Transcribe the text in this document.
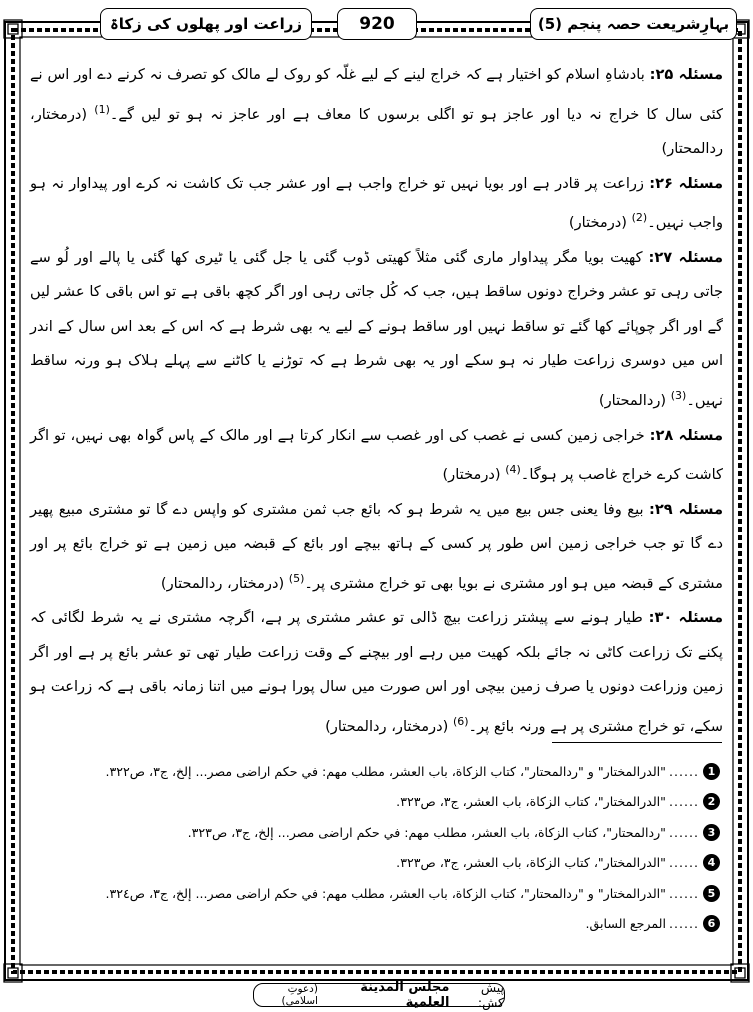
زراعت اور پھلوں کی زکاۃ	920	بہارِشریعت حصہ پنجم (5)

مسئلہ ۲۵: بادشاہِ اسلام کو اختیار ہے کہ خراج لینے کے لیے غلّہ کو روک لے مالک کو تصرف نہ کرنے دے اور اس نے کئی سال کا خراج نہ دیا اور عاجز ہو تو اگلی برسوں کا معاف ہے اور عاجز نہ ہو تو لیں گے۔$^{(1)}$ (درمختار، ردالمحتار)

مسئلہ ۲۶: زراعت پر قادر ہے اور بویا نہیں تو خراج واجب ہے اور عشر جب تک کاشت نہ کرے اور پیداوار نہ ہو واجب نہیں۔$^{(2)}$ (درمختار)

مسئلہ ۲۷: کھیت بویا مگر پیداوار ماری گئی مثلاً کھیتی ڈوب گئی یا جل گئی یا ٹیری کھا گئی یا پالے اور لُو سے جاتی رہی تو عشر وخراج دونوں ساقط ہیں، جب کہ کُل جاتی رہی اور اگر کچھ باقی ہے تو اس باقی کا عشر لیں گے اور اگر چوپائے کھا گئے تو ساقط نہیں اور ساقط ہونے کے لیے یہ بھی شرط ہے کہ اس کے بعد اس سال کے اندر اس میں دوسری زراعت طیار نہ ہو سکے اور یہ بھی شرط ہے کہ توڑنے یا کاٹنے سے پہلے ہلاک ہو ورنہ ساقط نہیں۔$^{(3)}$ (ردالمحتار)

مسئلہ ۲۸: خراجی زمین کسی نے غصب کی اور غصب سے انکار کرتا ہے اور مالک کے پاس گواہ بھی نہیں، تو اگر کاشت کرے خراج غاصب پر ہوگا۔$^{(4)}$ (درمختار)

مسئلہ ۲۹: بیع وفا یعنی جس بیع میں یہ شرط ہو کہ بائع جب ثمن مشتری کو واپس دے گا تو مشتری مبیع پھیر دے گا تو جب خراجی زمین اس طور پر کسی کے ہاتھ بیچے اور بائع کے قبضہ میں زمین ہے تو خراج بائع پر اور مشتری کے قبضہ میں ہو اور مشتری نے بویا بھی تو خراج مشتری پر۔$^{(5)}$ (درمختار، ردالمحتار)

مسئلہ ۳۰: طیار ہونے سے پیشتر زراعت بیچ ڈالی تو عشر مشتری پر ہے، اگرچہ مشتری نے یہ شرط لگائی کہ پکنے تک زراعت کاٹی نہ جائے بلکہ کھیت میں رہے اور بیچنے کے وقت زراعت طیار تھی تو عشر بائع پر ہے اور اگر زمین وزراعت دونوں یا صرف زمین بیچی اور اس صورت میں سال پورا ہونے میں اتنا زمانہ باقی ہے کہ زراعت ہو سکے، تو خراج مشتری پر ہے ورنہ بائع پر۔$^{(6)}$ (درمختار، ردالمحتار)

1
......
"الدرالمختار" و "ردالمحتار"، كتاب الزكاة، باب العشر، مطلب مهم: في حكم اراضى مصر... إلخ، ج٣، ص٣٢٢.
2
......
"الدرالمختار"، كتاب الزكاة، باب العشر، ج٣، ص٣٢٣.
3
......
"ردالمحتار"، كتاب الزكاة، باب العشر، مطلب مهم: في حكم اراضى مصر... إلخ، ج٣، ص٣٢٣.
4
......
"الدرالمختار"، كتاب الزكاة، باب العشر، ج٣، ص٣٢٣.
5
......
"الدرالمختار" و "ردالمحتار"، كتاب الزكاة، باب العشر، مطلب مهم: في حكم اراضى مصر... إلخ، ج٣، ص٣٢٤.
6
......
المرجع السابق.
پیش کش:
مجلس المدينة العلمية
(دعوتِ اسلامی)
